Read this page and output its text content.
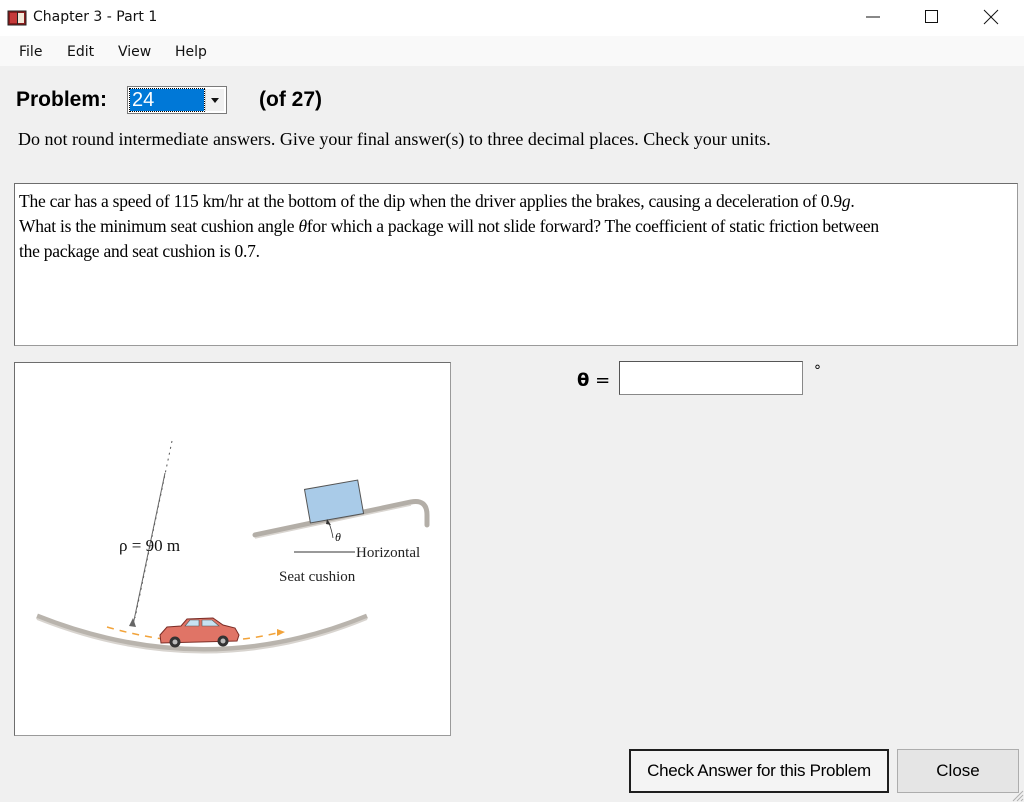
Chapter 3 - Part 1
File Edit View Help
Problem: 24	(of 27)
Do not round intermediate answers. Give your final answer(s) to three decimal places. Check your units.
The car has a speed of 115 km/hr at the bottom of the dip when the driver applies the brakes, causing a deceleration of 0.9g.
What is the minimum seat cushion angle θfor which a package will not slide forward? The coefficient of static friction between
the package and seat cushion is 0.7.
ρ = 90 m	θ
Horizontal
Seat cushion
θ =	°
Check Answer for this Problem	Close
